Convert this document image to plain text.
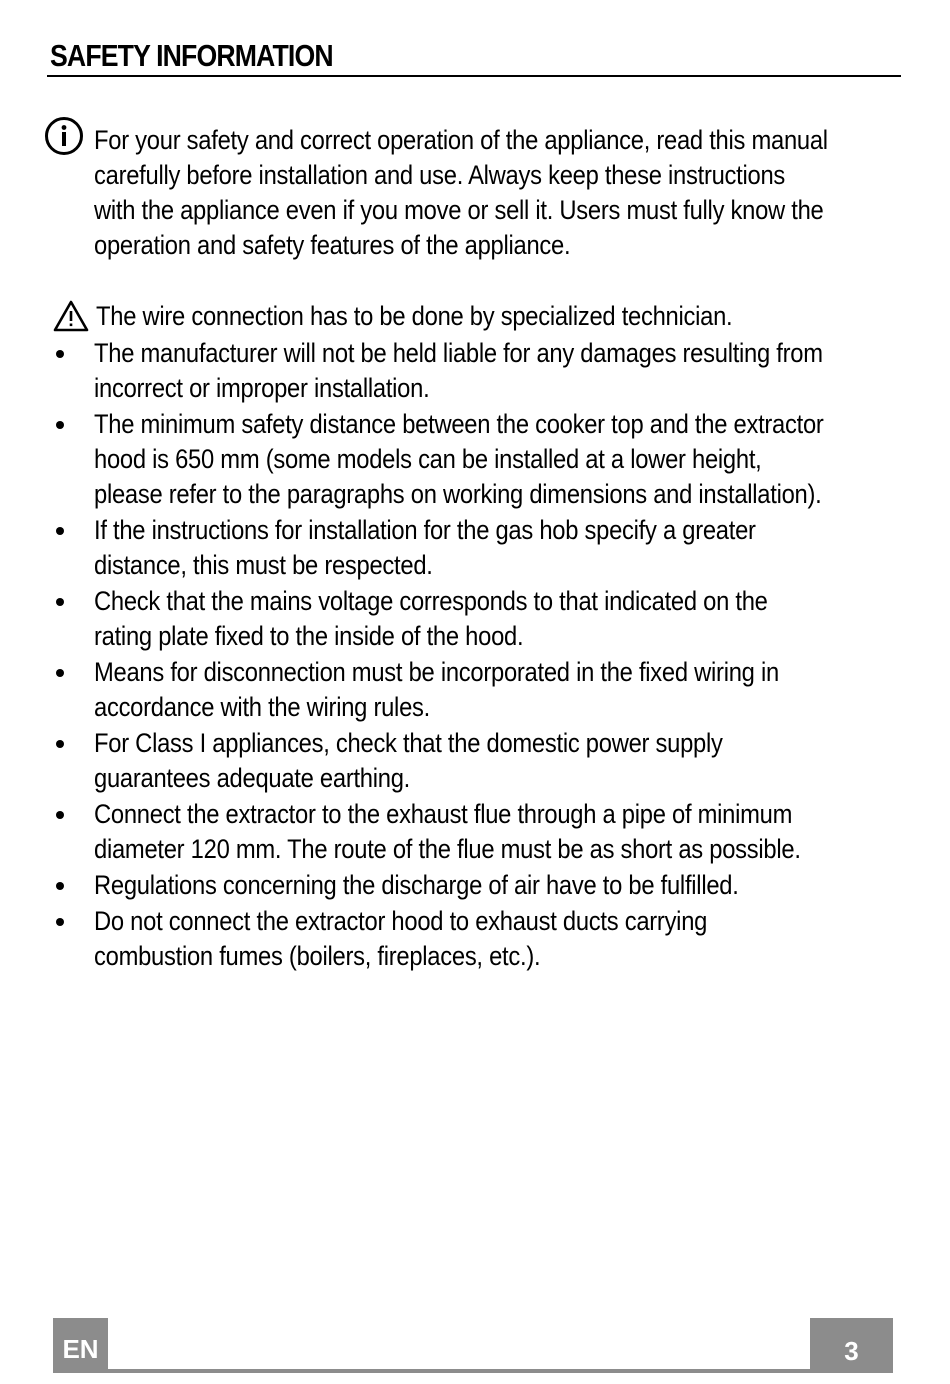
SAFETY INFORMATION
For your safety and correct operation of the appliance, read this manual
carefully before installation and use. Always keep these instructions
with the appliance even if you move or sell it. Users must fully know the
operation and safety features of the appliance.
The wire connection has to be done by specialized technician.
The manufacturer will not be held liable for any damages resulting from
incorrect or improper installation.
The minimum safety distance between the cooker top and the extractor
hood is 650 mm (some models can be installed at a lower height,
please refer to the paragraphs on working dimensions and installation).
If the instructions for installation for the gas hob specify a greater
distance, this must be respected.
Check that the mains voltage corresponds to that indicated on the
rating plate fixed to the inside of the hood.
Means for disconnection must be incorporated in the fixed wiring in
accordance with the wiring rules.
For Class I appliances, check that the domestic power supply
guarantees adequate earthing.
Connect the extractor to the exhaust flue through a pipe of minimum
diameter 120 mm. The route of the flue must be as short as possible.
Regulations concerning the discharge of air have to be fulfilled.
Do not connect the extractor hood to exhaust ducts carrying
combustion fumes (boilers, fireplaces, etc.).
EN	3
